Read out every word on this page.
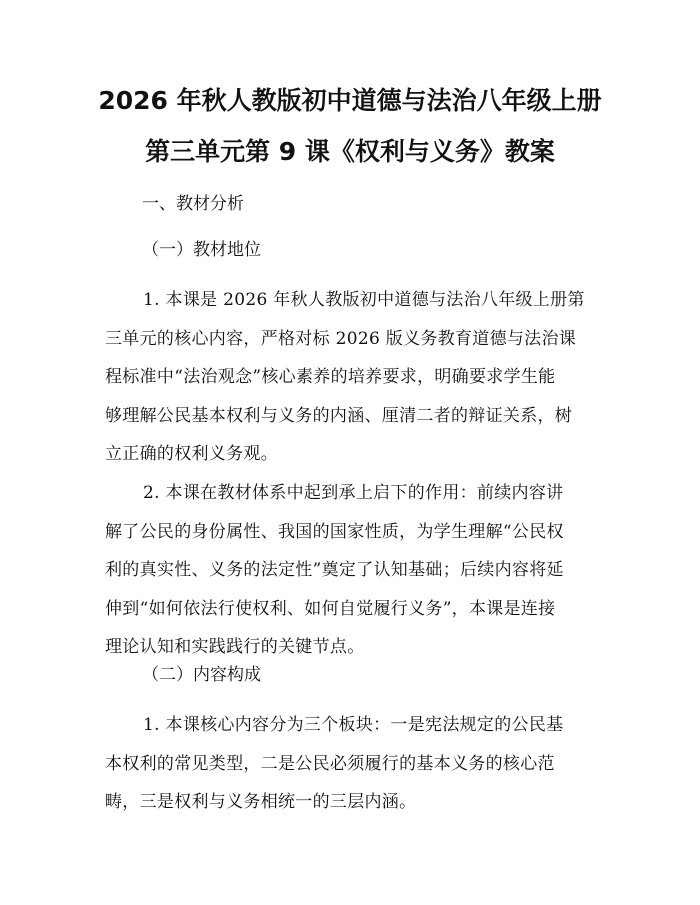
2026 年秋人教版初中道德与法治八年级上册
第三单元第 9 课《权利与义务》教案
一、教材分析
（一）教材地位
1. 本课是 2026 年秋人教版初中道德与法治八年级上册第
三单元的核心内容，严格对标 2026 版义务教育道德与法治课
程标准中“法治观念”核心素养的培养要求，明确要求学生能
够理解公民基本权利与义务的内涵、厘清二者的辩证关系，树
立正确的权利义务观。
2. 本课在教材体系中起到承上启下的作用：前续内容讲
解了公民的身份属性、我国的国家性质，为学生理解“公民权
利的真实性、义务的法定性”奠定了认知基础；后续内容将延
伸到“如何依法行使权利、如何自觉履行义务”，本课是连接
理论认知和实践践行的关键节点。
（二）内容构成
1. 本课核心内容分为三个板块：一是宪法规定的公民基
本权利的常见类型，二是公民必须履行的基本义务的核心范
畴，三是权利与义务相统一的三层内涵。
